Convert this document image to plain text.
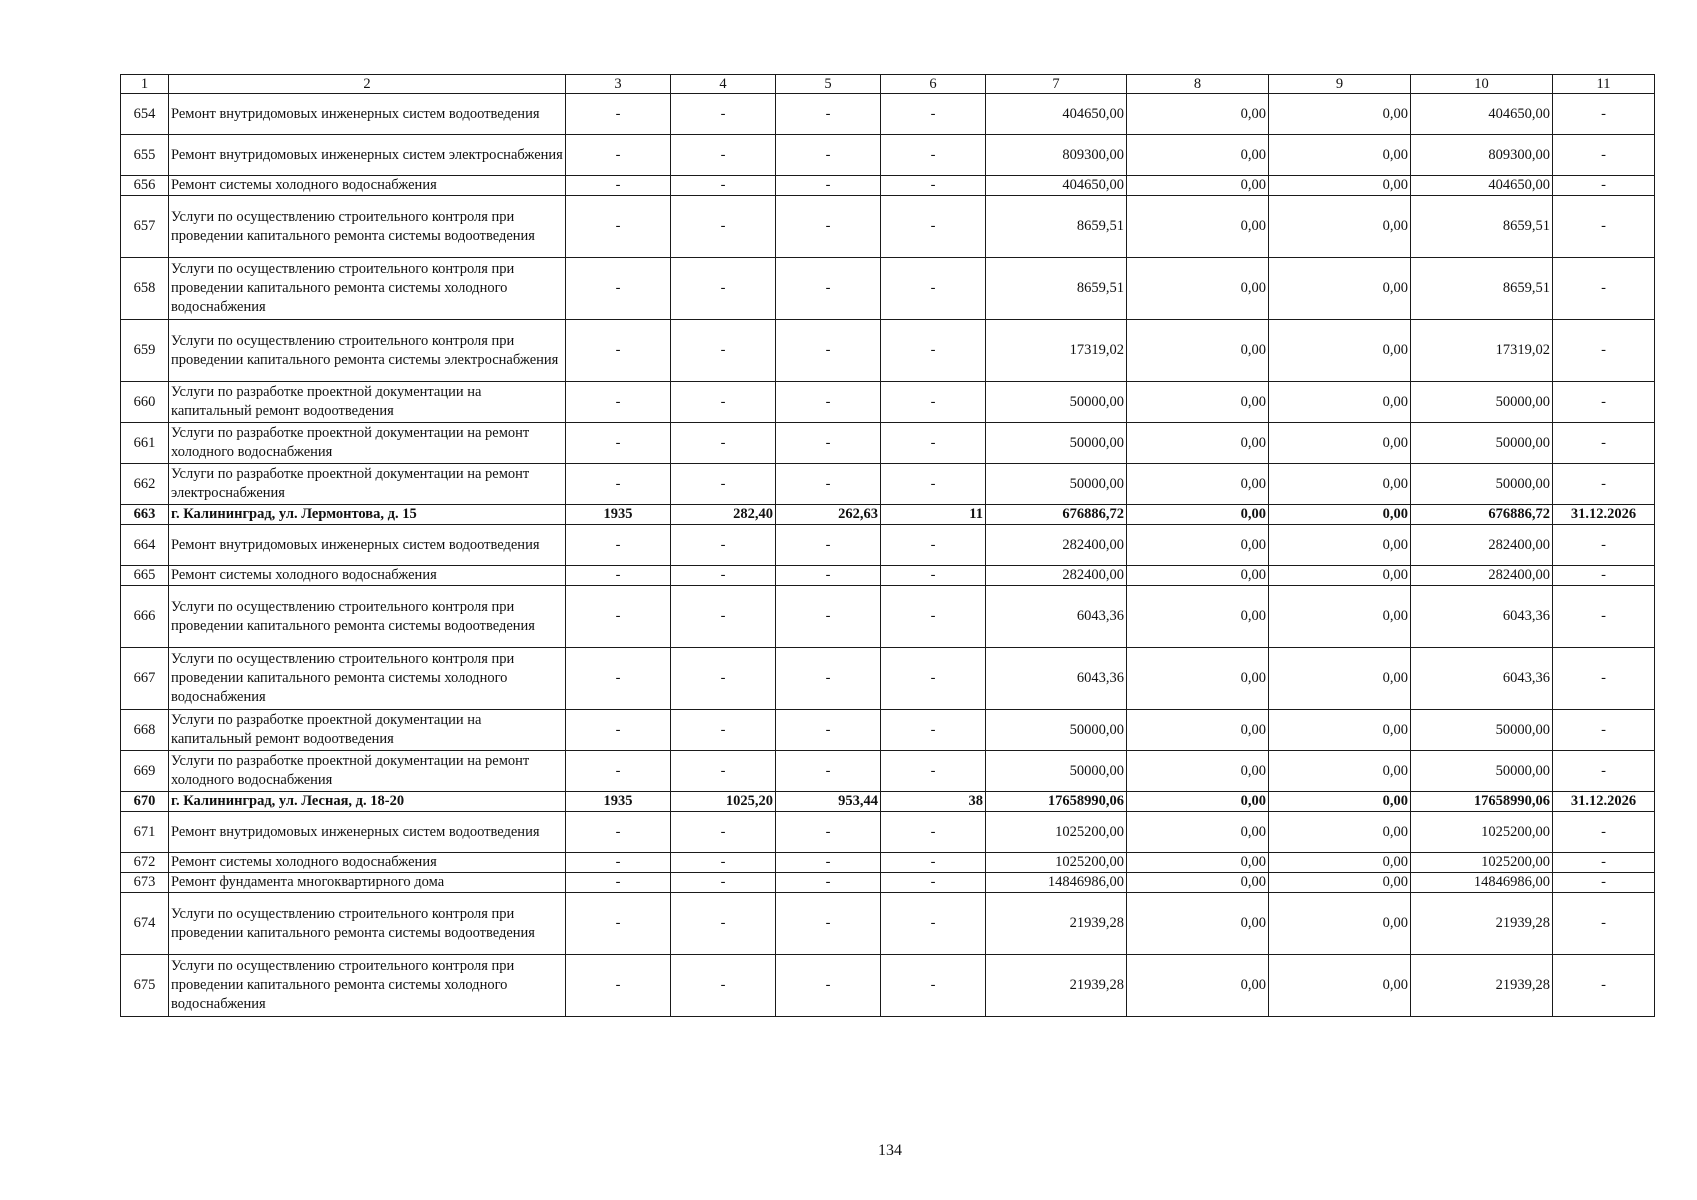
1	2	3	4	5	6	7	8	9	10	11
654	Ремонт внутридомовых инженерных систем водоотведения	-	-	-	-	404650,00	0,00	0,00	404650,00	-
655	Ремонт внутридомовых инженерных систем электроснабжения	-	-	-	-	809300,00	0,00	0,00	809300,00	-
656	Ремонт системы холодного водоснабжения	-	-	-	-	404650,00	0,00	0,00	404650,00	-
657	Услуги по осуществлению строительного контроля при проведении капитального ремонта системы водоотведения	-	-	-	-	8659,51	0,00	0,00	8659,51	-
658	Услуги по осуществлению строительного контроля при проведении капитального ремонта системы холодного водоснабжения	-	-	-	-	8659,51	0,00	0,00	8659,51	-
659	Услуги по осуществлению строительного контроля при проведении капитального ремонта системы электроснабжения	-	-	-	-	17319,02	0,00	0,00	17319,02	-
660	Услуги по разработке проектной документации на капитальный ремонт водоотведения	-	-	-	-	50000,00	0,00	0,00	50000,00	-
661	Услуги по разработке проектной документации на ремонт холодного водоснабжения	-	-	-	-	50000,00	0,00	0,00	50000,00	-
662	Услуги по разработке проектной документации на ремонт электроснабжения	-	-	-	-	50000,00	0,00	0,00	50000,00	-
663	г. Калининград, ул. Лермонтова, д. 15	1935	282,40	262,63	11	676886,72	0,00	0,00	676886,72	31.12.2026
664	Ремонт внутридомовых инженерных систем водоотведения	-	-	-	-	282400,00	0,00	0,00	282400,00	-
665	Ремонт системы холодного водоснабжения	-	-	-	-	282400,00	0,00	0,00	282400,00	-
666	Услуги по осуществлению строительного контроля при проведении капитального ремонта системы водоотведения	-	-	-	-	6043,36	0,00	0,00	6043,36	-
667	Услуги по осуществлению строительного контроля при проведении капитального ремонта системы холодного водоснабжения	-	-	-	-	6043,36	0,00	0,00	6043,36	-
668	Услуги по разработке проектной документации на капитальный ремонт водоотведения	-	-	-	-	50000,00	0,00	0,00	50000,00	-
669	Услуги по разработке проектной документации на ремонт холодного водоснабжения	-	-	-	-	50000,00	0,00	0,00	50000,00	-
670	г. Калининград, ул. Лесная, д. 18-20	1935	1025,20	953,44	38	17658990,06	0,00	0,00	17658990,06	31.12.2026
671	Ремонт внутридомовых инженерных систем водоотведения	-	-	-	-	1025200,00	0,00	0,00	1025200,00	-
672	Ремонт системы холодного водоснабжения	-	-	-	-	1025200,00	0,00	0,00	1025200,00	-
673	Ремонт фундамента многоквартирного дома	-	-	-	-	14846986,00	0,00	0,00	14846986,00	-
674	Услуги по осуществлению строительного контроля при проведении капитального ремонта системы водоотведения	-	-	-	-	21939,28	0,00	0,00	21939,28	-
675	Услуги по осуществлению строительного контроля при проведении капитального ремонта системы холодного водоснабжения	-	-	-	-	21939,28	0,00	0,00	21939,28	-
134
